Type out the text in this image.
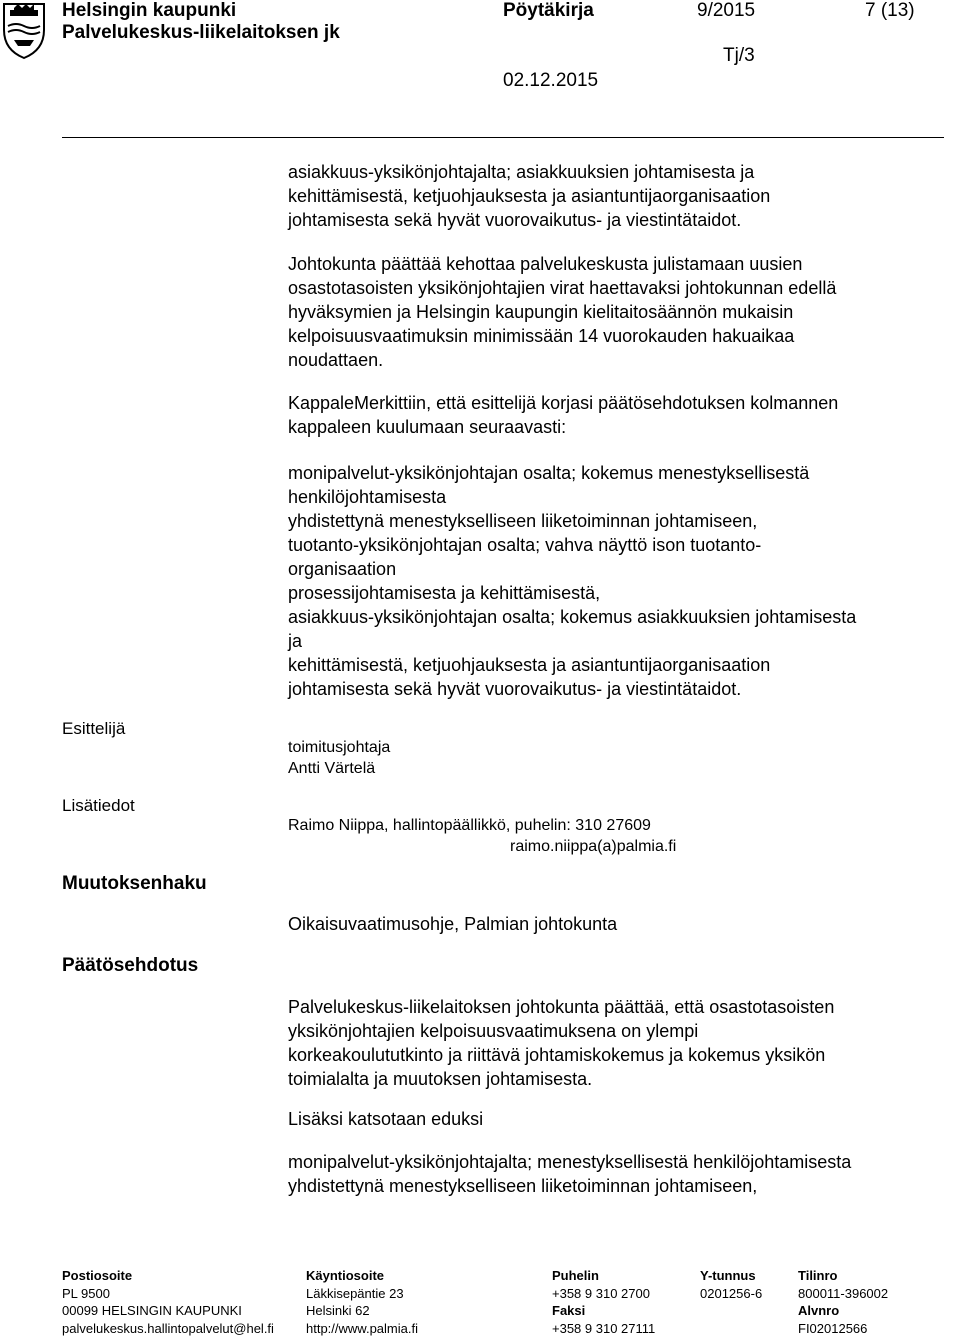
Helsingin kaupunki
Palvelukeskus-liikelaitoksen jk
Pöytäkirja	9/2015	7 (13)
Tj/3
02.12.2015
asiakkuus-yksikönjohtajalta; asiakkuuksien johtamisesta ja
kehittämisestä, ketjuohjauksesta ja asiantuntijaorganisaation
johtamisesta sekä hyvät vuorovaikutus- ja viestintätaidot.
Johtokunta päättää kehottaa palvelukeskusta julistamaan uusien
osastotasoisten yksikönjohtajien virat haettavaksi johtokunnan edellä
hyväksymien ja Helsingin kaupungin kielitaitosäännön mukaisin
kelpoisuusvaatimuksin minimissään 14 vuorokauden hakuaikaa
noudattaen.
KappaleMerkittiin, että esittelijä korjasi päätösehdotuksen kolmannen
kappaleen kuulumaan seuraavasti:
monipalvelut-yksikönjohtajan osalta; kokemus menestyksellisestä
henkilöjohtamisesta
yhdistettynä menestykselliseen liiketoiminnan johtamiseen,
tuotanto-yksikönjohtajan osalta; vahva näyttö ison tuotanto-
organisaation
prosessijohtamisesta ja kehittämisestä,
asiakkuus-yksikönjohtajan osalta; kokemus asiakkuuksien johtamisesta
ja
kehittämisestä, ketjuohjauksesta ja asiantuntijaorganisaation
johtamisesta sekä hyvät vuorovaikutus- ja viestintätaidot.
Esittelijä
Lisätiedot
Muutoksenhaku
Päätösehdotus
toimitusjohtaja
Antti Värtelä
Raimo Niippa, hallintopäällikkö, puhelin: 310 27609
raimo.niippa(a)palmia.fi
Oikaisuvaatimusohje, Palmian johtokunta
Palvelukeskus-liikelaitoksen johtokunta päättää, että osastotasoisten
yksikönjohtajien kelpoisuusvaatimuksena on ylempi
korkeakoulututkinto ja riittävä johtamiskokemus ja kokemus yksikön
toimialalta ja muutoksen johtamisesta.
Lisäksi katsotaan eduksi
monipalvelut-yksikönjohtajalta; menestyksellisestä henkilöjohtamisesta
yhdistettynä menestykselliseen liiketoiminnan johtamiseen,
Postiosoite
PL 9500
00099 HELSINGIN KAUPUNKI
palvelukeskus.hallintopalvelut@hel.fi
Käyntiosoite
Läkkisepäntie 23
Helsinki 62
http://www.palmia.fi
Puhelin
+358 9 310 2700
Faksi
+358 9 310 27111
Y-tunnus
0201256-6
Tilinro
800011-396002
Alvnro
FI02012566
